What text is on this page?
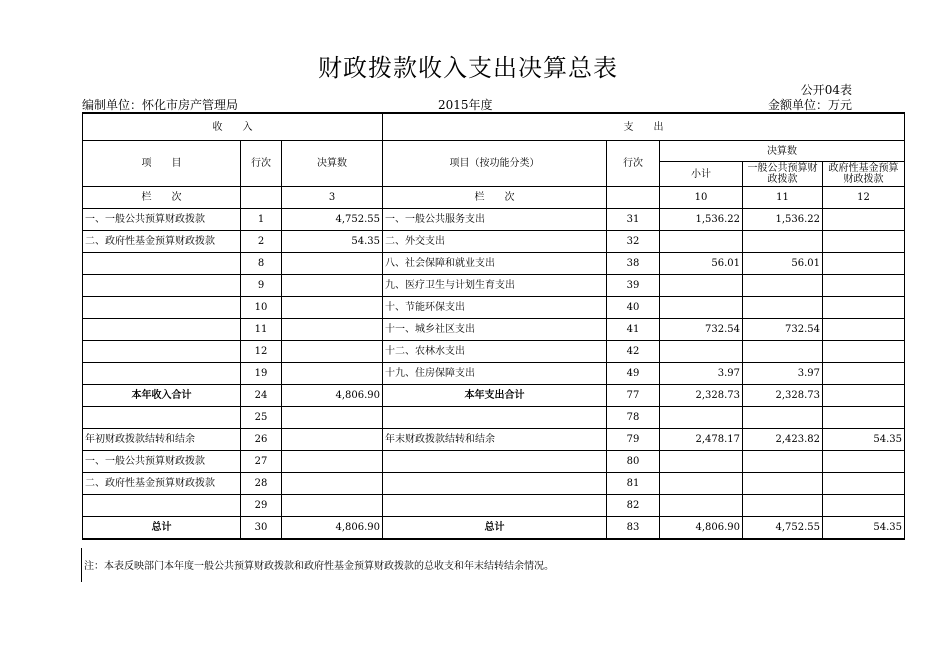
财政拨款收入支出决算总表
公开04表
编制单位：怀化市房产管理局	2015年度	金额单位：万元
收　　入			支　　出				
项　　目	行次	决算数	项目（按功能分类）	行次	决算数		
					小计	一般公共预算财政拨款	政府性基金预算财政拨款
栏　　次		3	栏　　次		10	11	12
一、一般公共预算财政拨款	1	4,752.55	一、一般公共服务支出	31	1,536.22	1,536.22	
二、政府性基金预算财政拨款	2	54.35	二、外交支出	32			
	8		八、社会保障和就业支出	38	56.01	56.01	
	9		九、医疗卫生与计划生育支出	39			
	10		十、节能环保支出	40			
	11		十一、城乡社区支出	41	732.54	732.54	
	12		十二、农林水支出	42			
	19		十九、住房保障支出	49	3.97	3.97	
本年收入合计	24	4,806.90	本年支出合计	77	2,328.73	2,328.73	
	25			78			
年初财政拨款结转和结余	26		年末财政拨款结转和结余	79	2,478.17	2,423.82	54.35
一、一般公共预算财政拨款	27			80			
二、政府性基金预算财政拨款	28			81			
	29			82			
总计	30	4,806.90	总计	83	4,806.90	4,752.55	54.35
注：本表反映部门本年度一般公共预算财政拨款和政府性基金预算财政拨款的总收支和年末结转结余情况。
